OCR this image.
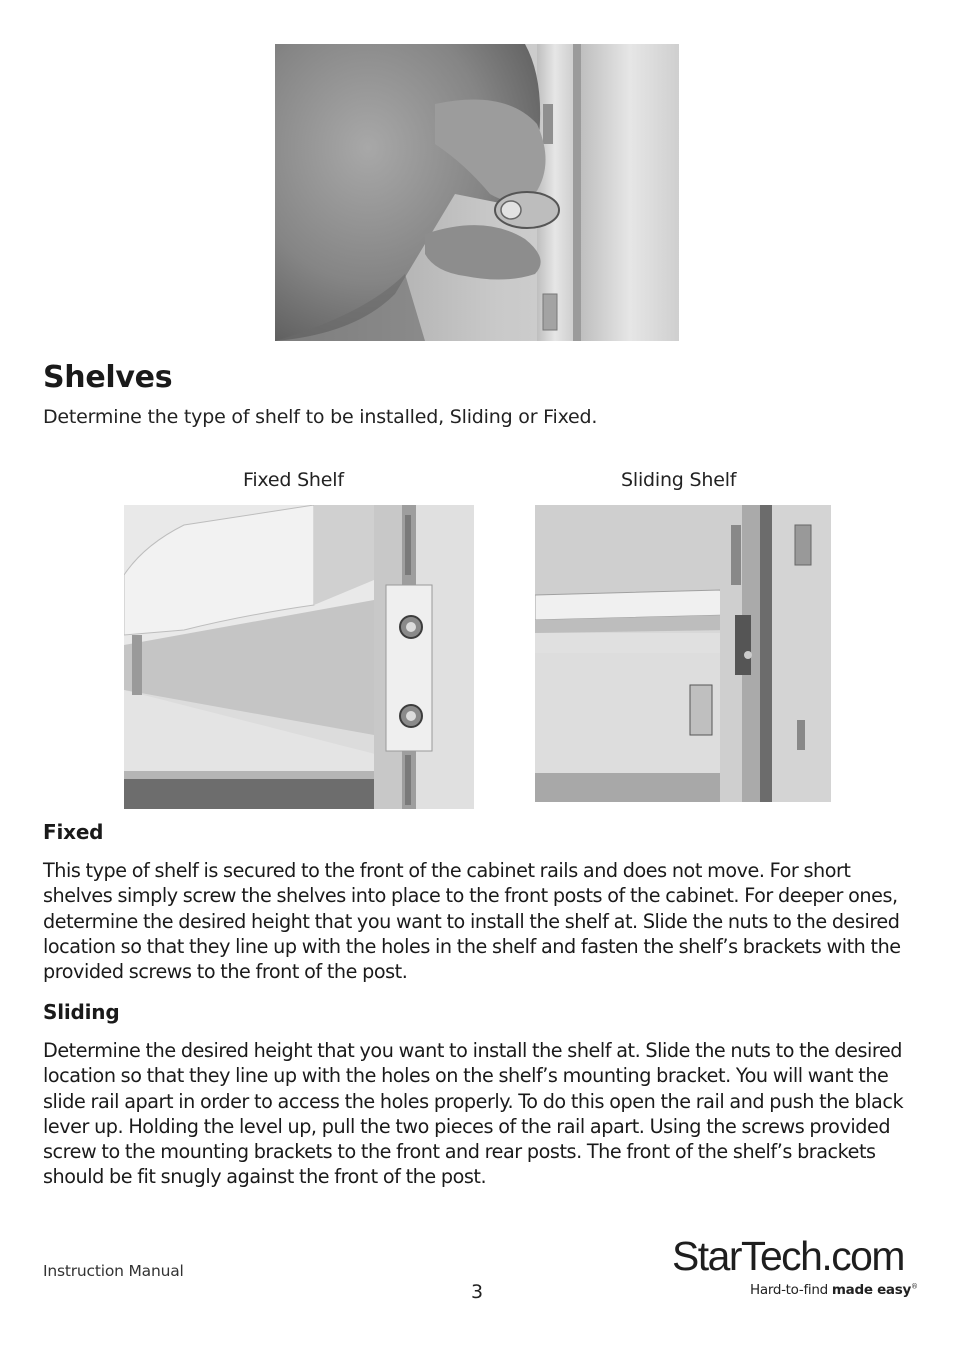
Shelves
Determine the type of shelf to be installed, Sliding or Fixed.
Fixed Shelf	Sliding Shelf
Fixed
This type of shelf is secured to the front of the cabinet rails and does not move. For short shelves simply screw the shelves into place to the front posts of the cabinet. For deeper ones, determine the desired height that you want to install the shelf at. Slide the nuts to the desired location so that they line up with the holes in the shelf and fasten the shelf’s brackets with the provided screws to the front of the post.
Sliding
Determine the desired height that you want to install the shelf at. Slide the nuts to the desired location so that they line up with the holes on the shelf’s mounting bracket. You will want the slide rail apart in order to access the holes properly. To do this open the rail and push the black lever up. Holding the level up, pull the two pieces of the rail apart. Using the screws provided screw to the mounting brackets to the front and rear posts. The front of the shelf’s brackets should be fit snugly against the front of the post.
Instruction Manual
3
StarTech.com
Hard-to-find made easy®
